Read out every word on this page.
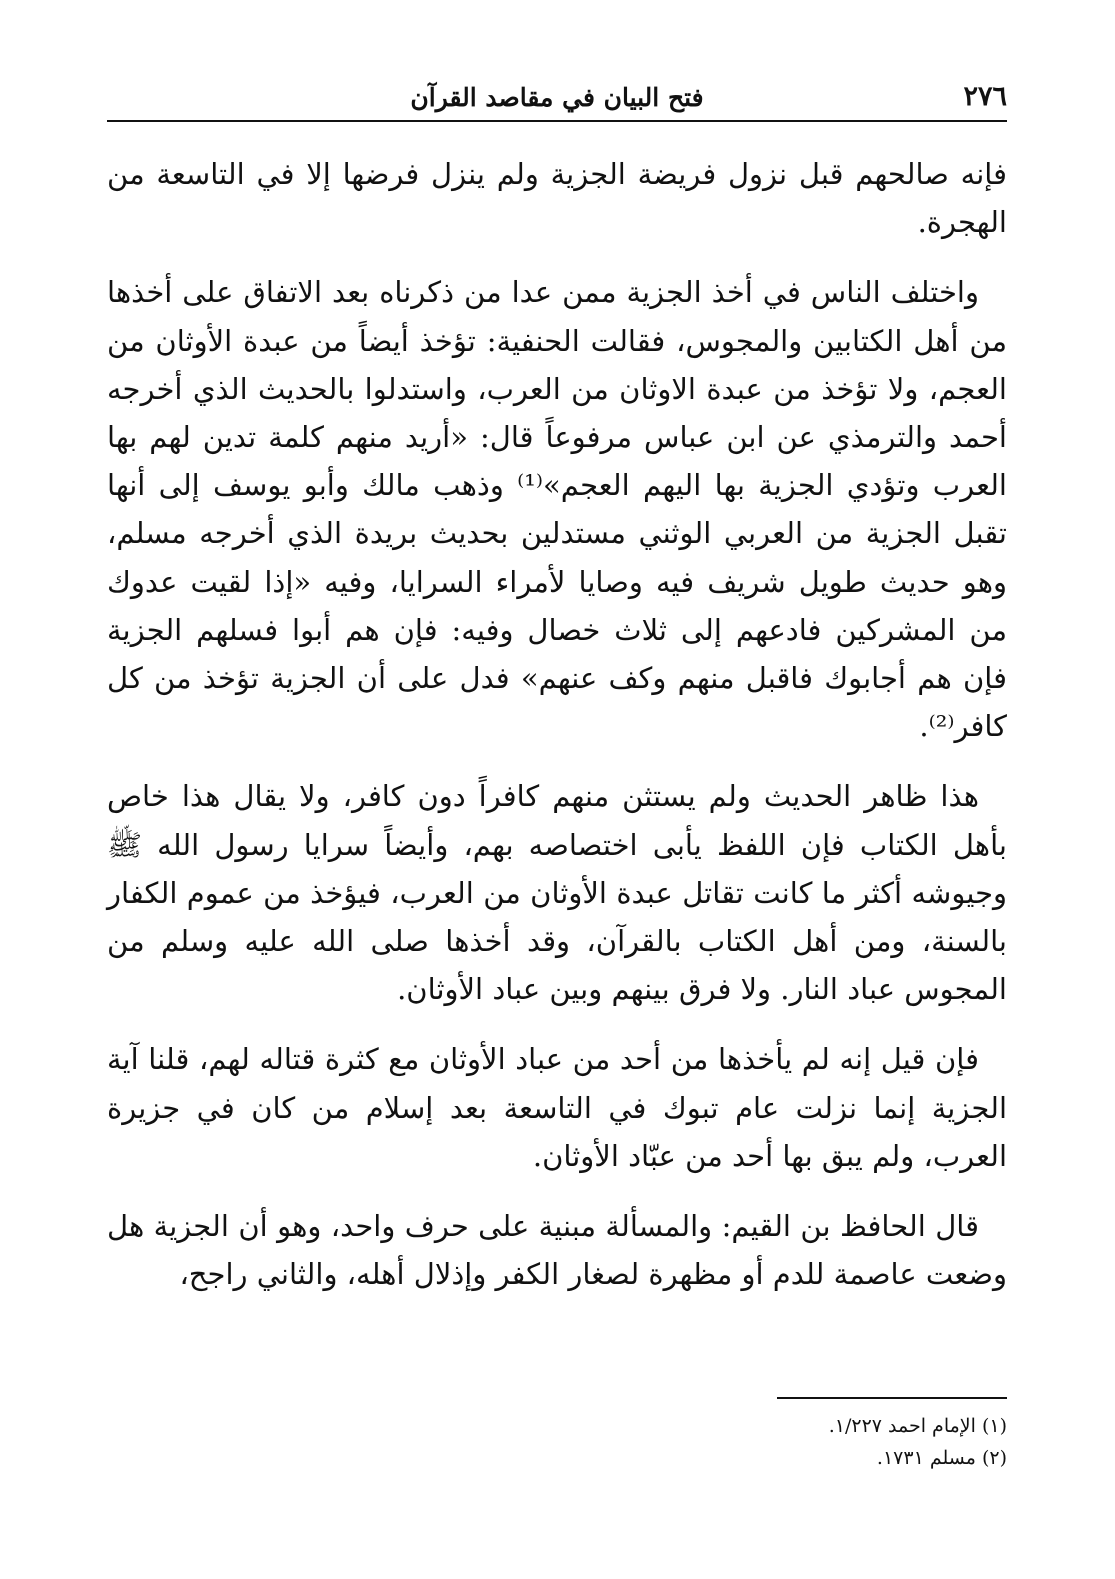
٢٧٦
فتح البيان في مقاصد القرآن

فإنه صالحهم قبل نزول فريضة الجزية ولم ينزل فرضها إلا في التاسعة من الهجرة.

واختلف الناس في أخذ الجزية ممن عدا من ذكرناه بعد الاتفاق على أخذها من أهل الكتابين والمجوس، فقالت الحنفية: تؤخذ أيضاً من عبدة الأوثان من العجم، ولا تؤخذ من عبدة الاوثان من العرب، واستدلوا بالحديث الذي أخرجه أحمد والترمذي عن ابن عباس مرفوعاً قال: «أريد منهم كلمة تدين لهم بها العرب وتؤدي الجزية بها اليهم العجم»⁽¹⁾ وذهب مالك وأبو يوسف إلى أنها تقبل الجزية من العربي الوثني مستدلين بحديث بريدة الذي أخرجه مسلم، وهو حديث طويل شريف فيه وصايا لأمراء السرايا، وفيه «إذا لقيت عدوك من المشركين فادعهم إلى ثلاث خصال وفيه: فإن هم أبوا فسلهم الجزية فإن هم أجابوك فاقبل منهم وكف عنهم» فدل على أن الجزية تؤخذ من كل كافر⁽²⁾.

هذا ظاهر الحديث ولم يستثن منهم كافراً دون كافر، ولا يقال هذا خاص بأهل الكتاب فإن اللفظ يأبى اختصاصه بهم، وأيضاً سرايا رسول الله ﷺ وجيوشه أكثر ما كانت تقاتل عبدة الأوثان من العرب، فيؤخذ من عموم الكفار بالسنة، ومن أهل الكتاب بالقرآن، وقد أخذها صلى الله عليه وسلم من المجوس عباد النار. ولا فرق بينهم وبين عباد الأوثان.

فإن قيل إنه لم يأخذها من أحد من عباد الأوثان مع كثرة قتاله لهم، قلنا آية الجزية إنما نزلت عام تبوك في التاسعة بعد إسلام من كان في جزيرة العرب، ولم يبق بها أحد من عبّاد الأوثان.

قال الحافظ بن القيم: والمسألة مبنية على حرف واحد، وهو أن الجزية هل وضعت عاصمة للدم أو مظهرة لصغار الكفر وإذلال أهله، والثاني راجح،

(١) الإمام احمد ١/٢٢٧.

(٢) مسلم ١٧٣١.
